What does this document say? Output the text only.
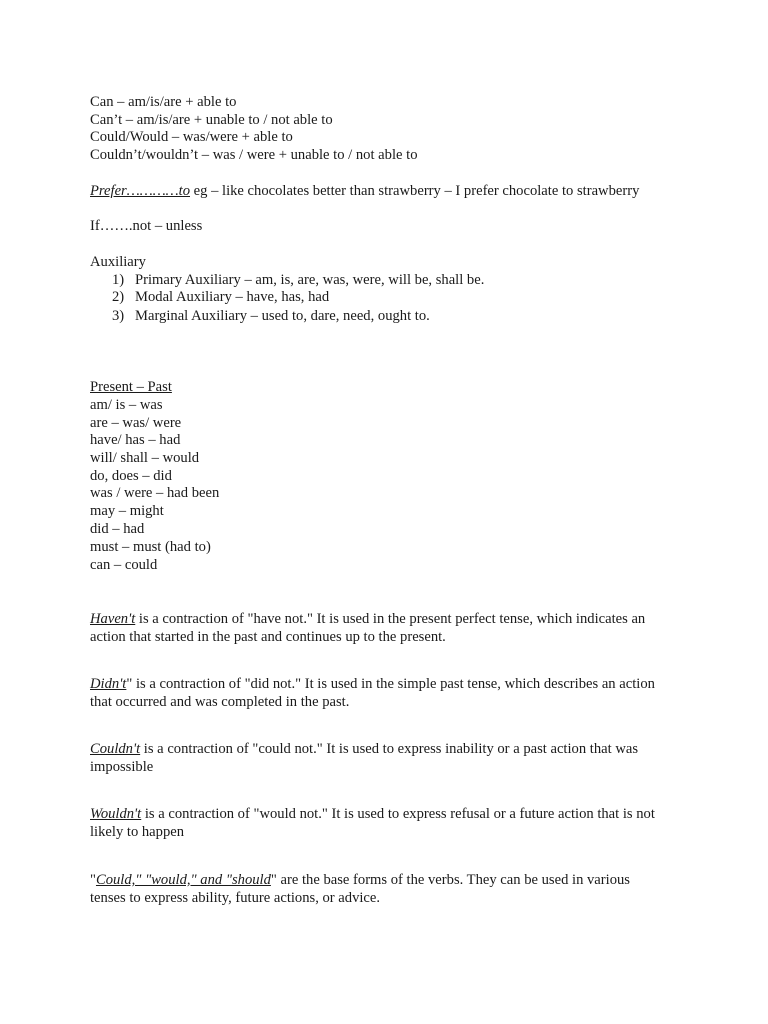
Can – am/is/are + able to
Can’t – am/is/are + unable to / not able to
Could/Would – was/were + able to
Couldn’t/wouldn’t – was / were + unable to / not able to
Prefer…………to eg – like chocolates better than strawberry – I prefer chocolate to strawberry
If…….not – unless
Auxiliary
1) Primary Auxiliary – am, is, are, was, were, will be, shall be.
2) Modal Auxiliary – have, has, had
3) Marginal Auxiliary – used to, dare, need, ought to.
Present – Past
am/ is – was
are – was/ were
have/ has – had
will/ shall – would
do, does – did
was / were – had been
may – might
did – had
must – must (had to)
can – could
Haven't is a contraction of "have not." It is used in the present perfect tense, which indicates an
action that started in the past and continues up to the present.
Didn't" is a contraction of "did not." It is used in the simple past tense, which describes an action
that occurred and was completed in the past.
Couldn't is a contraction of "could not." It is used to express inability or a past action that was
impossible
Wouldn't is a contraction of "would not." It is used to express refusal or a future action that is not
likely to happen
"Could," "would," and "should" are the base forms of the verbs. They can be used in various
tenses to express ability, future actions, or advice.
